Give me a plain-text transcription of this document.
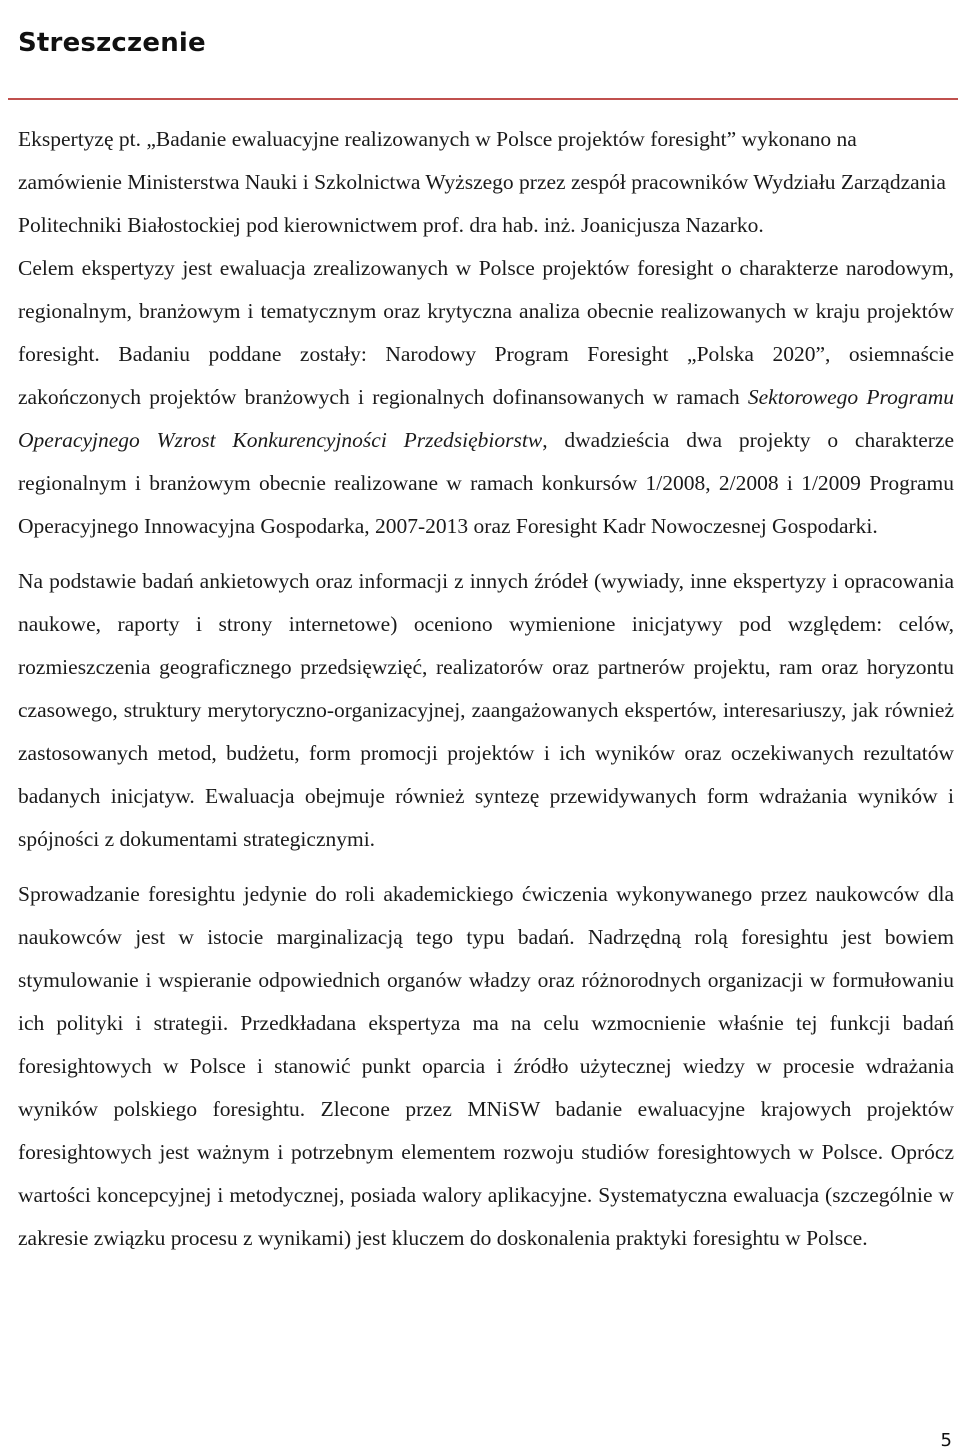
Streszczenie

Ekspertyzę pt. „Badanie ewaluacyjne realizowanych w Polsce projektów foresight” wykonano na zamówienie Ministerstwa Nauki i Szkolnictwa Wyższego przez zespół pracowników Wydziału Zarządzania Politechniki Białostockiej pod kierownictwem prof. dra hab. inż. Joanicjusza Nazarko.

Celem ekspertyzy jest ewaluacja zrealizowanych w Polsce projektów foresight o charakterze narodowym, regionalnym, branżowym i tematycznym oraz krytyczna analiza obecnie realizowanych w kraju projektów foresight. Badaniu poddane zostały: Narodowy Program Foresight „Polska 2020”, osiemnaście zakończonych projektów branżowych i regionalnych dofinansowanych w ramach Sektorowego Programu Operacyjnego Wzrost Konkurencyjności Przedsiębiorstw, dwadzieścia dwa projekty o charakterze regionalnym i branżowym obecnie realizowane w ramach konkursów 1/2008, 2/2008 i 1/2009 Programu Operacyjnego Innowacyjna Gospodarka, 2007-2013 oraz Foresight Kadr Nowoczesnej Gospodarki.

Na podstawie badań ankietowych oraz informacji z innych źródeł (wywiady, inne ekspertyzy i opracowania naukowe, raporty i strony internetowe) oceniono wymienione inicjatywy pod względem: celów, rozmieszczenia geograficznego przedsięwzięć, realizatorów oraz partnerów projektu, ram oraz horyzontu czasowego, struktury merytoryczno-organizacyjnej, zaangażowanych ekspertów, interesariuszy, jak również zastosowanych metod, budżetu, form promocji projektów i ich wyników oraz oczekiwanych rezultatów badanych inicjatyw. Ewaluacja obejmuje również syntezę przewidywanych form wdrażania wyników i spójności z dokumentami strategicznymi.

Sprowadzanie foresightu jedynie do roli akademickiego ćwiczenia wykonywanego przez naukowców dla naukowców jest w istocie marginalizacją tego typu badań. Nadrzędną rolą foresightu jest bowiem stymulowanie i wspieranie odpowiednich organów władzy oraz różnorodnych organizacji w formułowaniu ich polityki i strategii. Przedkładana ekspertyza ma na celu wzmocnienie właśnie tej funkcji badań foresightowych w Polsce i stanowić punkt oparcia i źródło użytecznej wiedzy w procesie wdrażania wyników polskiego foresightu. Zlecone przez MNiSW badanie ewaluacyjne krajowych projektów foresightowych jest ważnym i potrzebnym elementem rozwoju studiów foresightowych w Polsce. Oprócz wartości koncepcyjnej i metodycznej, posiada walory aplikacyjne. Systematyczna ewaluacja (szczególnie w zakresie związku procesu z wynikami) jest kluczem do doskonalenia praktyki foresightu w Polsce.

5
